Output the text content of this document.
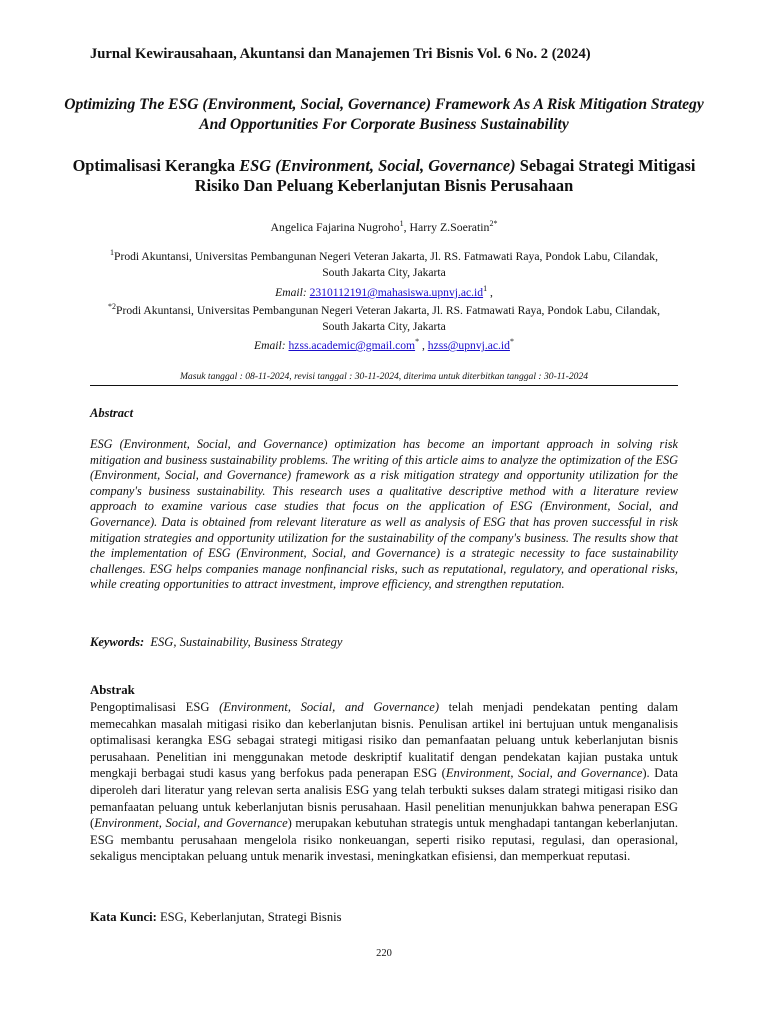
Jurnal Kewirausahaan, Akuntansi dan Manajemen Tri Bisnis Vol. 6 No. 2 (2024)
Optimizing The ESG (Environment, Social, Governance) Framework As A Risk Mitigation Strategy And Opportunities For Corporate Business Sustainability
Optimalisasi Kerangka ESG (Environment, Social, Governance) Sebagai Strategi Mitigasi Risiko Dan Peluang Keberlanjutan Bisnis Perusahaan
Angelica Fajarina Nugroho$^1$, Harry Z.Soeratin$^{2*}$
$^1$Prodi Akuntansi, Universitas Pembangunan Negeri Veteran Jakarta, Jl. RS. Fatmawati Raya, Pondok Labu, Cilandak, South Jakarta City, Jakarta
Email: $2310112191@mahasiswa.upnvj.ac.id^1$ ,
$^{*2}$Prodi Akuntansi, Universitas Pembangunan Negeri Veteran Jakarta, Jl. RS. Fatmawati Raya, Pondok Labu, Cilandak, South Jakarta City, Jakarta
Email: hzss.academic@gmail.com* , hzss@upnvj.ac.id*
Masuk tanggal : 08-11-2024, revisi tanggal : 30-11-2024, diterima untuk diterbitkan tanggal : 30-11-2024
Abstract
ESG (Environment, Social, and Governance) optimization has become an important approach in solving risk mitigation and business sustainability problems. The writing of this article aims to analyze the optimization of the ESG (Environment, Social, and Governance) framework as a risk mitigation strategy and opportunity utilization for the company's business sustainability. This research uses a qualitative descriptive method with a literature review approach to examine various case studies that focus on the application of ESG (Environment, Social, and Governance). Data is obtained from relevant literature as well as analysis of ESG that has proven successful in risk mitigation strategies and opportunity utilization for the sustainability of the company's business. The results show that the implementation of ESG (Environment, Social, and Governance) is a strategic necessity to face sustainability challenges. ESG helps companies manage nonfinancial risks, such as reputational, regulatory, and operational risks, while creating opportunities to attract investment, improve efficiency, and strengthen reputation.
Keywords: ESG, Sustainability, Business Strategy
Abstrak
Pengoptimalisasi ESG (Environment, Social, and Governance) telah menjadi pendekatan penting dalam memecahkan masalah mitigasi risiko dan keberlanjutan bisnis. Penulisan artikel ini bertujuan untuk menganalisis optimalisasi kerangka ESG sebagai strategi mitigasi risiko dan pemanfaatan peluang untuk keberlanjutan bisnis perusahaan. Penelitian ini menggunakan metode deskriptif kualitatif dengan pendekatan kajian pustaka untuk mengkaji berbagai studi kasus yang berfokus pada penerapan ESG (Environment, Social, and Governance). Data diperoleh dari literatur yang relevan serta analisis ESG yang telah terbukti sukses dalam strategi mitigasi risiko dan pemanfaatan peluang untuk keberlanjutan bisnis perusahaan. Hasil penelitian menunjukkan bahwa penerapan ESG (Environment, Social, and Governance) merupakan kebutuhan strategis untuk menghadapi tantangan keberlanjutan. ESG membantu perusahaan mengelola risiko nonkeuangan, seperti risiko reputasi, regulasi, dan operasional, sekaligus menciptakan peluang untuk menarik investasi, meningkatkan efisiensi, dan memperkuat reputasi.
Kata Kunci: ESG, Keberlanjutan, Strategi Bisnis
220
